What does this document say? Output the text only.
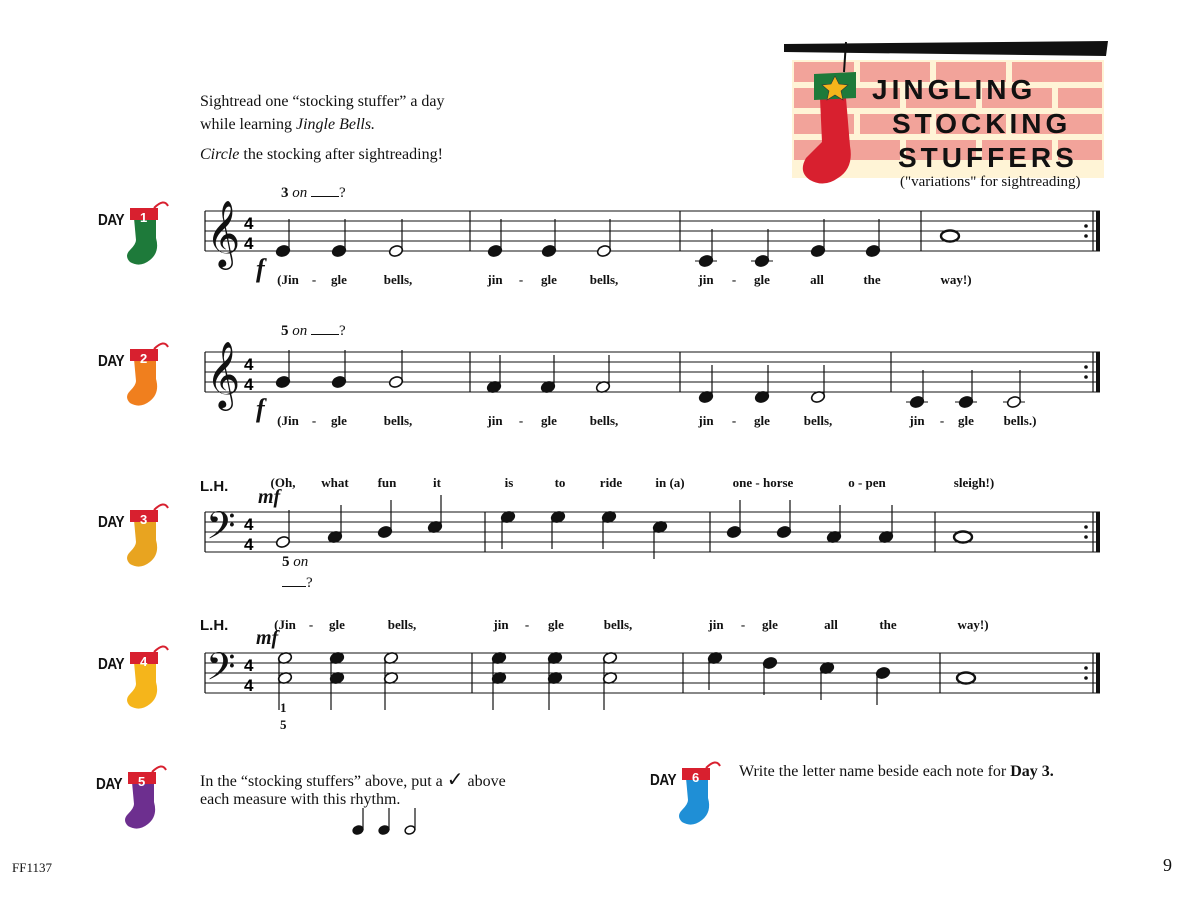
JINGLING
STOCKING
STUFFERS
("variations" for sightreading)
Sightread one “stocking stuffer” a day
while learning Jingle Bells.
Circle the stocking after sightreading!
DAY 1
DAY 2
DAY 3
DAY 4
DAY 5	DAY 6
𝄞 4
4
𝄞 4
4
𝄢 4
4
𝄢 4
4
3 on ?
f
5 on ?
f
L.H. mf
5 on
?
L.H.
mf
1
5
(Jin - gle	bells,	jin - gle	bells,	jin - gle	all	the	way!)
(Jin - gle	bells,	jin - gle	bells,	jin - gle	bells,	jin - gle bells.)
(Oh, what fun	it	is	to	ride	in (a)	one - horse	o - pen	sleigh!)
(Jin - gle	bells,	jin - gle	bells,	jin - gle	all	the	way!)
In the “stocking stuffers” above, put a ✓ above
each measure with this rhythm.
Write the letter name beside each note for Day 3.
FF1137	9
